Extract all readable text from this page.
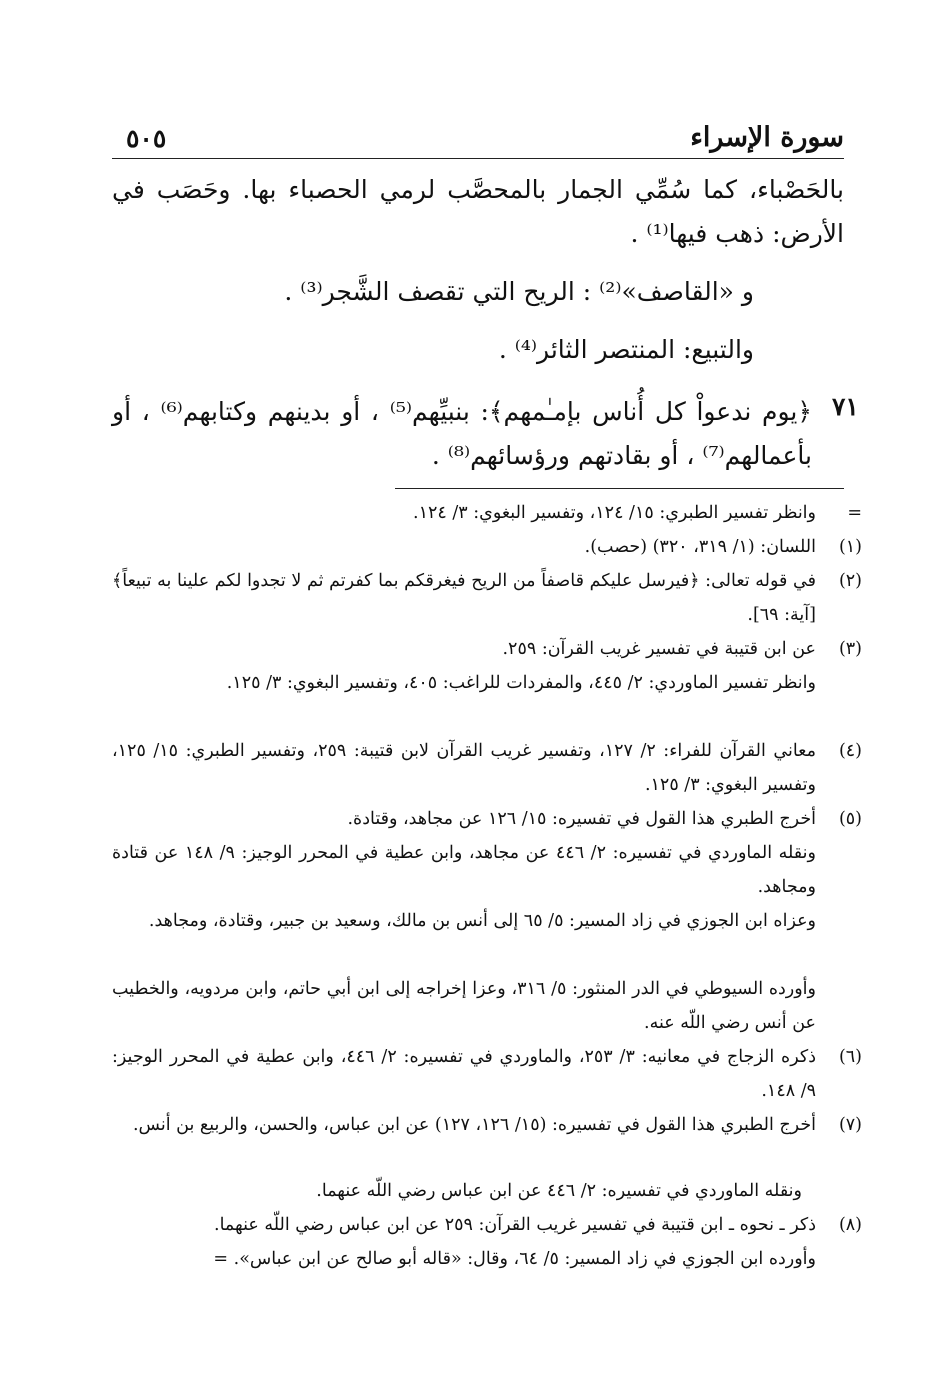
سورة الإسراء
٥٠٥
بالحَصْباء، كما سُمِّي الجمار بالمحصَّب لرمي الحصباء بها. وحَصَب في الأرض: ذهب فيها⁽¹⁾ .
و «القاصف»⁽²⁾ : الريح التي تقصف الشَّجر⁽³⁾ .
والتبيع: المنتصر الثائر⁽⁴⁾ .
٧١
﴿يوم ندعواْ كل أُناس بإمـٰمهم﴾: بنبيِّهم⁽⁵⁾ ، أو بدينهم وكتابهم⁽⁶⁾ ، أو بأعمالهم⁽⁷⁾ ، أو بقادتهم ورؤسائهم⁽⁸⁾ .
=
وانظر تفسير الطبري: ١٥/ ١٢٤، وتفسير البغوي: ٣/ ١٢٤.
(١)
اللسان: (١/ ٣١٩، ٣٢٠) (حصب).
(٢)
في قوله تعالى: ﴿فيرسل عليكم قاصفاً من الريح فيغرقكم بما كفرتم ثم لا تجدوا لكم علينا به تبيعاً﴾ [آية: ٦٩].
(٣)
عن ابن قتيبة في تفسير غريب القرآن: ٢٥٩.
وانظر تفسير الماوردي: ٢/ ٤٤٥، والمفردات للراغب: ٤٠٥، وتفسير البغوي: ٣/ ١٢٥.
(٤)
معاني القرآن للفراء: ٢/ ١٢٧، وتفسير غريب القرآن لابن قتيبة: ٢٥٩، وتفسير الطبري: ١٥/ ١٢٥، وتفسير البغوي: ٣/ ١٢٥.
(٥)
أخرج الطبري هذا القول في تفسيره: ١٥/ ١٢٦ عن مجاهد، وقتادة.
ونقله الماوردي في تفسيره: ٢/ ٤٤٦ عن مجاهد، وابن عطية في المحرر الوجيز: ٩/ ١٤٨ عن قتادة ومجاهد.
وعزاه ابن الجوزي في زاد المسير: ٥/ ٦٥ إلى أنس بن مالك، وسعيد بن جبير، وقتادة، ومجاهد.
وأورده السيوطي في الدر المنثور: ٥/ ٣١٦، وعزا إخراجه إلى ابن أبي حاتم، وابن مردويه، والخطيب عن أنس رضي اللّه عنه.
(٦)
ذكره الزجاج في معانيه: ٣/ ٢٥٣، والماوردي في تفسيره: ٢/ ٤٤٦، وابن عطية في المحرر الوجيز: ٩/ ١٤٨.
(٧)
أخرج الطبري هذا القول في تفسيره: (١٥/ ١٢٦، ١٢٧) عن ابن عباس، والحسن، والربيع بن أنس.
ونقله الماوردي في تفسيره: ٢/ ٤٤٦ عن ابن عباس رضي اللّه عنهما.
(٨)
ذكر ـ نحوه ـ ابن قتيبة في تفسير غريب القرآن: ٢٥٩ عن ابن عباس رضي اللّه عنهما.
وأورده ابن الجوزي في زاد المسير: ٥/ ٦٤، وقال: «قاله أبو صالح عن ابن عباس». =
